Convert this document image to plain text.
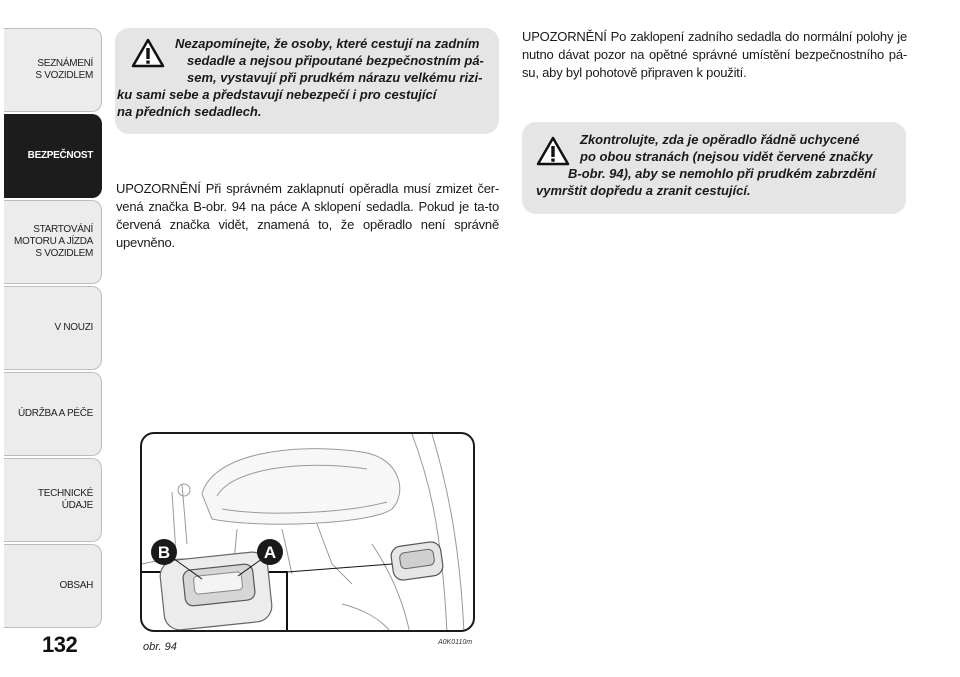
SEZNÁMENÍ
S VOZIDLEM
BEZPEČNOST
STARTOVÁNÍ
MOTORU A JÍZDA
S VOZIDLEM
V NOUZI
ÚDRŽBA A PÉČE
TECHNICKÉ
ÚDAJE
OBSAH
132

Nezapomínejte, že osoby, které cestují na zadním

sedadle a nejsou připoutané bezpečnostním pá-

sem, vystavují při prudkém nárazu velkému rizi-

ku sami sebe a představují nebezpečí i pro cestující

na předních sedadlech.

UPOZORNĚNÍ Při správném zaklapnutí opěradla musí zmizet čer-vená značka B-obr. 94 na páce A sklopení sedadla. Pokud je ta-to červená značka vidět, znamená to, že opěradlo není správně upevněno.
UPOZORNĚNÍ Po zaklopení zadního sedadla do normální polohy je nutno dávat pozor na opětné správné umístění bezpečnostního pá-su, aby byl pohotově připraven k použití.

Zkontrolujte, zda je opěradlo řádně uchycené

po obou stranách (nejsou vidět červené značky

B-obr. 94), aby se nemohlo při prudkém zabrzdění

vymrštit dopředu a zranit cestující.

B	A
obr. 94	A0K0110m
